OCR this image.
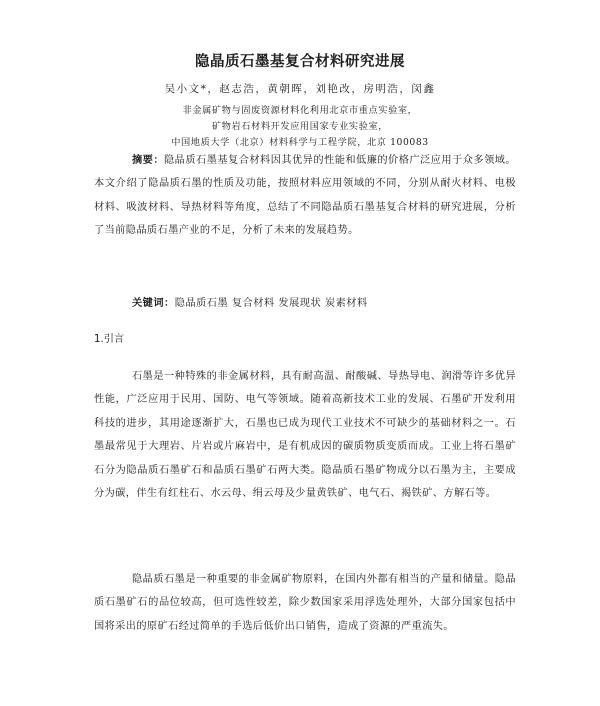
隐晶质石墨基复合材料研究进展
吴小文*，赵志浩，黄朝晖，刘艳改，房明浩，闵鑫
非金属矿物与固废资源材料化利用北京市重点实验室，
矿物岩石材料开发应用国家专业实验室，
中国地质大学（北京）材料科学与工程学院，北京 100083
摘要：隐晶质石墨基复合材料因其优异的性能和低廉的价格广泛应用于众多领域。本文介绍了隐晶质石墨的性质及功能，按照材料应用领域的不同，分别从耐火材料、电极材料、吸波材料、导热材料等角度，总结了不同隐晶质石墨基复合材料的研究进展，分析了当前隐晶质石墨产业的不足，分析了未来的发展趋势。
关键词：隐晶质石墨 复合材料 发展现状 炭素材料
1.引言
石墨是一种特殊的非金属材料，具有耐高温、耐酸碱、导热导电、润滑等许多优异性能，广泛应用于民用、国防、电气等领域。随着高新技术工业的发展、石墨矿开发利用科技的进步，其用途逐渐扩大，石墨也已成为现代工业技术不可缺少的基础材料之一。石墨最常见于大理岩、片岩或片麻岩中，是有机成因的碳质物质变质而成。工业上将石墨矿石分为隐晶质石墨矿石和晶质石墨矿石两大类。隐晶质石墨矿物成分以石墨为主，主要成分为碳，伴生有红柱石、水云母、绢云母及少量黄铁矿、电气石、褐铁矿、方解石等。
隐晶质石墨是一种重要的非金属矿物原料，在国内外都有相当的产量和储量。隐晶质石墨矿石的品位较高，但可选性较差，除少数国家采用浮选处理外，大部分国家包括中国将采出的原矿石经过简单的手选后低价出口销售，造成了资源的严重流失。
